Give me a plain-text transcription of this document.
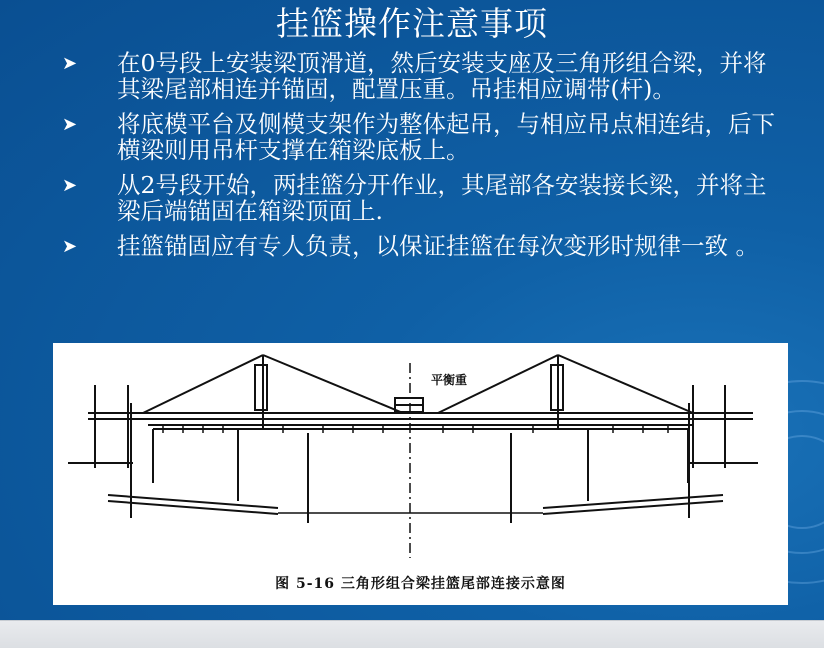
挂篮操作注意事项
➤ 在0号段上安装梁顶滑道，然后安装支座及三角形组合梁，并将其梁尾部相连并锚固，配置压重。吊挂相应调带(杆)。
➤ 将底模平台及侧模支架作为整体起吊，与相应吊点相连结，后下横梁则用吊杆支撑在箱梁底板上。
➤ 从2号段开始，两挂篮分开作业，其尾部各安装接长梁，并将主梁后端锚固在箱梁顶面上.
➤ 挂篮锚固应有专人负责，以保证挂篮在每次变形时规律一致 。
平衡重
图 5-16 三角形组合梁挂篮尾部连接示意图
